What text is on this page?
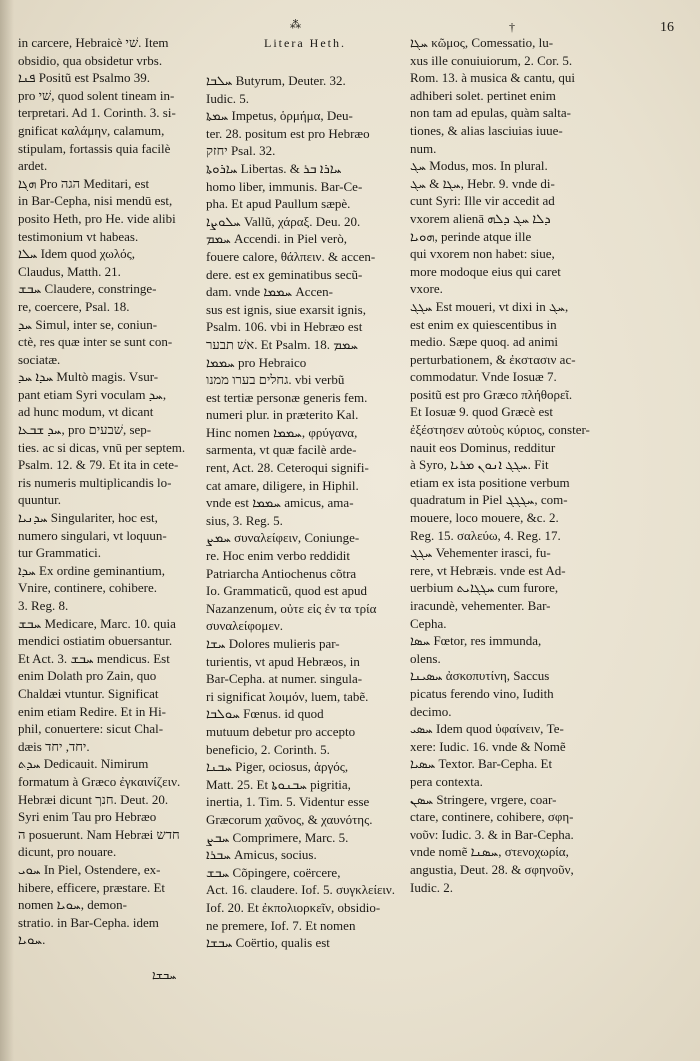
⁂
Litera Heth.
†	16
in carcere, Hebraicè שׁי. Item
obsidio, qua obsidetur vrbs.
ܦܢܐ Positũ est Psalmo 39.
pro שׁי, quod solent tineam in-
terpretari. Ad 1. Corinth. 3. si-
gnificat καλάμην, calamum,
stipulam, fortassis quia facilè
ardet.
ܗܓܐ Pro הגה Meditari, est
in Bar-Cepha, nisi mendū est,
posito Heth, pro He. vide alibi
testimonium vt habeas.
ܚܠܐ Idem quod χωλός,
Claudus, Matth. 21.
ܚܒܫ Claudere, constringe-
re, coercere, Psal. 18.
ܚܕ Simul, inter se, coniun-
ctè, res quæ inter se sunt con-
sociatæ.
ܚܕܐ ܚܕ Multò magis. Vsur-
pant etiam Syri voculam ܚܕ,
ad hunc modum, vt dicant
ܚܕ ܫܒܥܐ, pro שׁבעים, sep-
ties. ac si dicas, vnū per septem.
Psalm. 12. & 79. Et ita in cete-
ris numeris multiplicandis lo-
quuntur.
ܚܕܢܝܐ Singulariter, hoc est,
numero singulari, vt loquun-
tur Grammatici.
ܚܕܐ Ex ordine geminantium,
Vnire, continere, cohibere.
3. Reg. 8.
ܚܒܫ Medicare, Marc. 10. quia
mendici ostiatim obuersantur.
Et Act. 3. ܚܒܫ mendicus. Est
enim Dolath pro Zain, quo
Chaldæi vtuntur. Significat
enim etiam Redire. Et in Hi-
phil, conuertere: sicut Chal-
dæis יחד, יחד.
ܚܕܬ Dedicauit. Nimirum
formatum à Græco ἐγκαινίζειν.
Hebræi dicunt חנך. Deut. 20.
Syri enim Tau pro Hebræo
ה posuerunt. Nam Hebræi חדש
dicunt, pro nouare.
ܚܘܝ In Piel, Ostendere, ex-
hibere, efficere, præstare. Et
nomen ܚܘܝܐ, demon-
stratio. in Bar-Cepha. idem
ܚܘܝܐ.
ܚܠܒܐ Butyrum, Deuter. 32.
Iudic. 5.
ܚܡܬܐ Impetus, ὁρμήμα, Deu-
ter. 28. positum est pro Hebræo
יחזק Psal. 32.
ܚܐܪܘܬܐ Libertas. & ܚܐܪܐ ܒܪ
homo liber, immunis. Bar-Ce-
pha. Et apud Paullum sæpè.
ܚܠܘܨܐ Vallũ, χάραξ. Deu. 20.
ܚܡܡ Accendi. in Piel verò,
fouere calore, θάλπειν. & accen-
dere. est ex geminatibus secũ-
dam. vnde ܚܡܡܐ Accen-
sus est ignis, siue exarsit ignis,
Psalm. 106. vbi in Hebræo est
אשׁ תבער. Et Psalm. 18. ܚܡܡ
ܚܡܡܐ pro Hebraico
גחלים בערו ממנו. vbi verbũ
est tertiæ personæ generis fem.
numeri plur. in præterito Kal.
Hinc nomen ܚܡܡܐ, φρύγανα,
sarmenta, vt quæ facilè arde-
rent, Act. 28. Ceteroqui signifi-
cat amare, diligere, in Hiphil.
vnde est ܚܡܡܐ amicus, ama-
sius, 3. Reg. 5.
ܚܡܨ συναλείφειν, Coniunge-
re. Hoc enim verbo reddidit
Patriarcha Antiochenus cõtra
Io. Grammaticũ, quod est apud
Nazanzenum, οὐτε εἰς ἐν τα τρία
συναλείφομεν.
ܚܫܐ Dolores mulieris par-
turientis, vt apud Hebræos, in
Bar-Cepha. at numer. singula-
ri significat λοιμόν, luem, tabẽ.
ܚܘܠܒܐ Fœnus. id quod
mutuum debetur pro accepto
beneficio, 2. Corinth. 5.
ܚܒܢܐ Piger, ociosus, ἀργός,
Matt. 25. Et ܚܒܢܘܬܐ pigritia,
inertia, 1. Tim. 5. Videntur esse
Græcorum χαῦνος, & χαυνότης.
ܚܒܨ Comprimere, Marc. 5.
ܚܒܪܐ Amicus, socius.
ܚܒܫ Cõpingere, coërcere,
Act. 16. claudere. Iof. 5. συγκλείειν.
Iof. 20. Et ἐκπολιορκεῖν, obsidio-
ne premere, Iof. 7. Et nomen
ܚܒܫܐ Coërtio, qualis est
ܚܓܐ κῶμος, Comessatio, lu-
xus ille conuiuiorum, 2. Cor. 5.
Rom. 13. à musica & cantu, qui
adhiberi solet. pertinet enim
non tam ad epulas, quàm salta-
tiones, & alias lasciuias iuue-
num.
ܚܓ Modus, mos. In plural.
ܚܓܐ & ܚܓ, Hebr. 9. vnde di-
cunt Syri: Ille vir accedit ad
vxorem alienā ܕܠܐ ܚܓ ܕܠܗ
ܗܘܝܐ, perinde atque ille
qui vxorem non habet: siue,
more modoque eius qui caret
vxore.
ܚܓܓ Est moueri, vt dixi in ܚܓ,
est enim ex quiescentibus in
medio. Sæpe quoq. ad animi
perturbationem, & ἐκστασιν ac-
commodatur. Vnde Iosuæ 7.
positũ est pro Græco πλήθορεῖ.
Et Iosuæ 9. quod Græcè est
ἐξέστησεν αὐτοὺς κύριος, conster-
nauit eos Dominus, redditur
à Syro, ܚܓܓ ܐܢܘܢ ܡܪܝܐ. Fit
etiam ex ista positione verbum
quadratum in Piel ܚܓܓܓ, com-
mouere, loco mouere, &c. 2.
Reg. 15. σαλεύω, 4. Reg. 17.
ܚܓܓ Vehementer irasci, fu-
rere, vt Hebræis. vnde est Ad-
uerbium ܚܓܓܐܝܬ cum furore,
iracundè, vehementer. Bar-
Cepha.
ܚܣܐ Fœtor, res immunda,
olens.
ܚܣܝܢܐ ἀσκοπυτίνη, Saccus
picatus ferendo vino, Iudith
decimo.
ܚܣܝ Idem quod ὑφαίνειν, Te-
xere: Iudic. 16. vnde & Nomẽ
ܚܣܝܐ Textor. Bar-Cepha. Et
pera contexta.
ܚܣܢ Stringere, vrgere, coar-
ctare, continere, cohibere, σφη-
νοῦν: Iudic. 3. & in Bar-Cepha.
vnde nomẽ ܚܣܢܐ, στενοχωρία,
angustia, Deut. 28. & σφηνοῦν,
Iudic. 2.
ܚܒܫܐ
